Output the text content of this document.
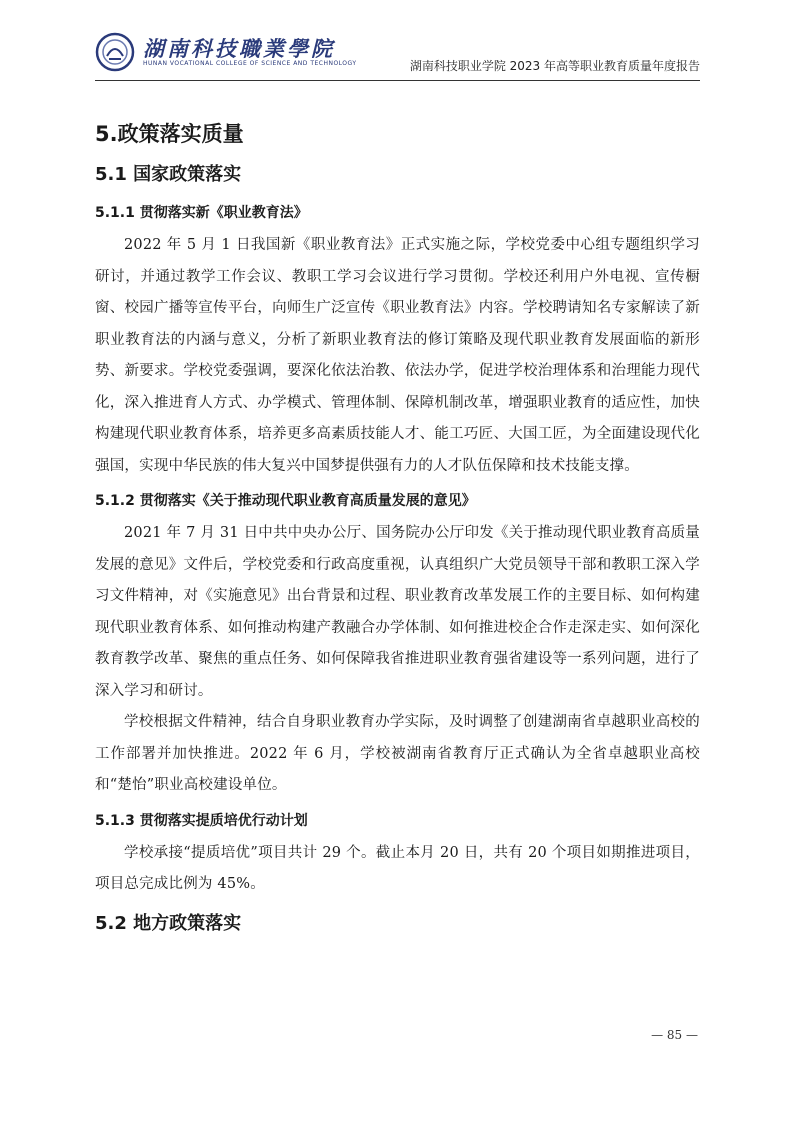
湖南科技職業學院
HUNAN VOCATIONAL COLLEGE OF SCIENCE AND TECHNOLOGY	湖南科技职业学院 2023 年高等职业教育质量年度报告
5.政策落实质量
5.1 国家政策落实
5.1.1 贯彻落实新《职业教育法》

2022 年 5 月 1 日我国新《职业教育法》正式实施之际，学校党委中心组专题组织学习研讨，并通过教学工作会议、教职工学习会议进行学习贯彻。学校还利用户外电视、宣传橱窗、校园广播等宣传平台，向师生广泛宣传《职业教育法》内容。学校聘请知名专家解读了新职业教育法的内涵与意义，分析了新职业教育法的修订策略及现代职业教育发展面临的新形势、新要求。学校党委强调，要深化依法治教、依法办学，促进学校治理体系和治理能力现代化，深入推进育人方式、办学模式、管理体制、保障机制改革，增强职业教育的适应性，加快构建现代职业教育体系，培养更多高素质技能人才、能工巧匠、大国工匠，为全面建设现代化强国，实现中华民族的伟大复兴中国梦提供强有力的人才队伍保障和技术技能支撑。

5.1.2 贯彻落实《关于推动现代职业教育高质量发展的意见》

2021 年 7 月 31 日中共中央办公厅、国务院办公厅印发《关于推动现代职业教育高质量发展的意见》文件后，学校党委和行政高度重视，认真组织广大党员领导干部和教职工深入学习文件精神，对《实施意见》出台背景和过程、职业教育改革发展工作的主要目标、如何构建现代职业教育体系、如何推动构建产教融合办学体制、如何推进校企合作走深走实、如何深化教育教学改革、聚焦的重点任务、如何保障我省推进职业教育强省建设等一系列问题，进行了深入学习和研讨。

学校根据文件精神，结合自身职业教育办学实际，及时调整了创建湖南省卓越职业高校的工作部署并加快推进。2022 年 6 月，学校被湖南省教育厅正式确认为全省卓越职业高校和“楚怡”职业高校建设单位。

5.1.3 贯彻落实提质培优行动计划

学校承接“提质培优”项目共计 29 个。截止本月 20 日，共有 20 个项目如期推进项目，项目总完成比例为 45%。

5.2 地方政策落实
— 85 —
